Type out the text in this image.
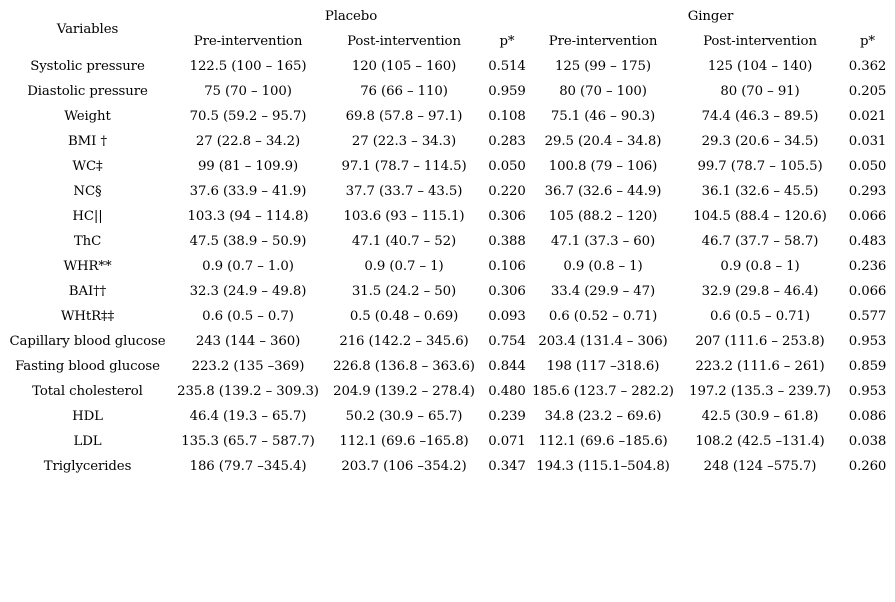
Variables	Placebo			Ginger		
	Pre-intervention	Post-intervention	p*	Pre-intervention	Post-intervention	p*
Systolic pressure	122.5 (100 – 165)	120 (105 – 160)	0.514	125 (99 – 175)	125 (104 – 140)	0.362
Diastolic pressure	75 (70 – 100)	76 (66 – 110)	0.959	80 (70 – 100)	80 (70 – 91)	0.205
Weight	70.5 (59.2 – 95.7)	69.8 (57.8 – 97.1)	0.108	75.1 (46 – 90.3)	74.4 (46.3 – 89.5)	0.021
BMI †	27 (22.8 – 34.2)	27 (22.3 – 34.3)	0.283	29.5 (20.4 – 34.8)	29.3 (20.6 – 34.5)	0.031
WC‡	99 (81 – 109.9)	97.1 (78.7 – 114.5)	0.050	100.8 (79 – 106)	99.7 (78.7 – 105.5)	0.050
NC§	37.6 (33.9 – 41.9)	37.7 (33.7 – 43.5)	0.220	36.7 (32.6 – 44.9)	36.1 (32.6 – 45.5)	0.293
HC||	103.3 (94 – 114.8)	103.6 (93 – 115.1)	0.306	105 (88.2 – 120)	104.5 (88.4 – 120.6)	0.066
ThC	47.5 (38.9 – 50.9)	47.1 (40.7 – 52)	0.388	47.1 (37.3 – 60)	46.7 (37.7 – 58.7)	0.483
WHR**	0.9 (0.7 – 1.0)	0.9 (0.7 – 1)	0.106	0.9 (0.8 – 1)	0.9 (0.8 – 1)	0.236
BAI††	32.3 (24.9 – 49.8)	31.5 (24.2 – 50)	0.306	33.4 (29.9 – 47)	32.9 (29.8 – 46.4)	0.066
WHtR‡‡	0.6 (0.5 – 0.7)	0.5 (0.48 – 0.69)	0.093	0.6 (0.52 – 0.71)	0.6 (0.5 – 0.71)	0.577
Capillary blood glucose	243 (144 – 360)	216 (142.2 – 345.6)	0.754	203.4 (131.4 – 306)	207 (111.6 – 253.8)	0.953
Fasting blood glucose	223.2 (135 –369)	226.8 (136.8 – 363.6)	0.844	198 (117 –318.6)	223.2 (111.6 – 261)	0.859
Total cholesterol	235.8 (139.2 – 309.3)	204.9 (139.2 – 278.4)	0.480	185.6 (123.7 – 282.2)	197.2 (135.3 – 239.7)	0.953
HDL	46.4 (19.3 – 65.7)	50.2 (30.9 – 65.7)	0.239	34.8 (23.2 – 69.6)	42.5 (30.9 – 61.8)	0.086
LDL	135.3 (65.7 – 587.7)	112.1 (69.6 –165.8)	0.071	112.1 (69.6 –185.6)	108.2 (42.5 –131.4)	0.038
Triglycerides	186 (79.7 –345.4)	203.7 (106 –354.2)	0.347	194.3 (115.1–504.8)	248 (124 –575.7)	0.260
